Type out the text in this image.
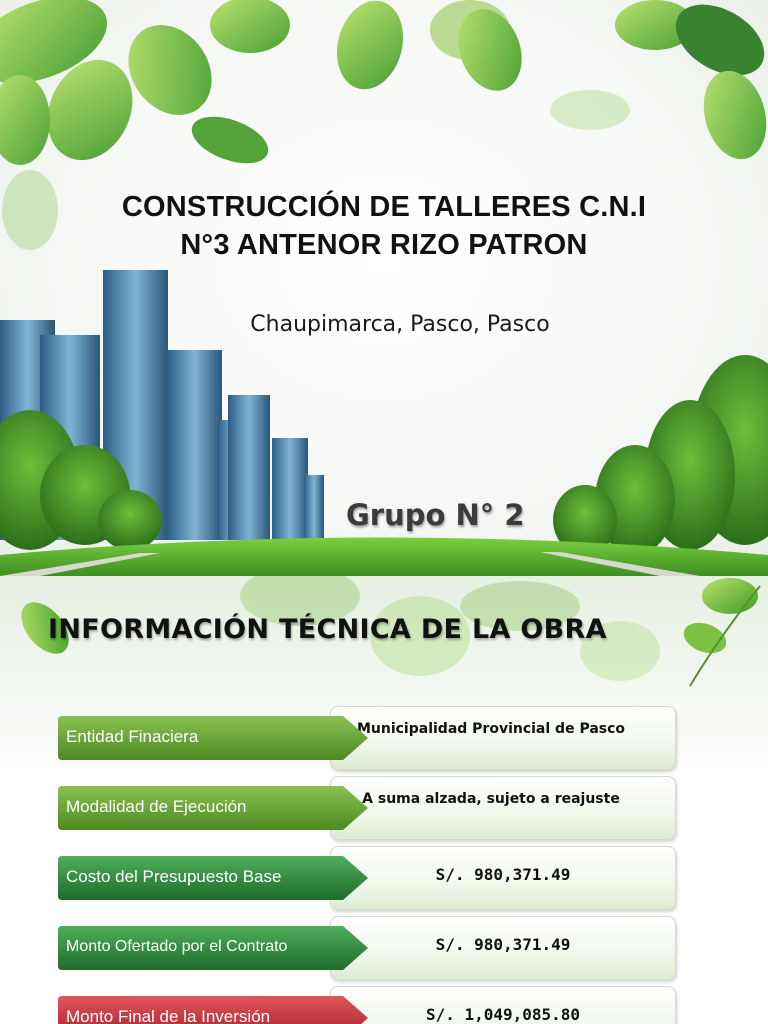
CONSTRUCCIÓN DE TALLERES C.N.I
N°3 ANTENOR RIZO PATRON
Chaupimarca, Pasco, Pasco
Grupo N° 2
INFORMACIÓN TÉCNICA DE LA OBRA
Municipalidad Provincial de Pasco
Entidad Finaciera
A suma alzada, sujeto a reajuste
Modalidad de Ejecución
S/. 980,371.49
Costo del Presupuesto Base
S/. 980,371.49
Monto Ofertado por el Contrato
S/. 1,049,085.80
Monto Final de la Inversión
